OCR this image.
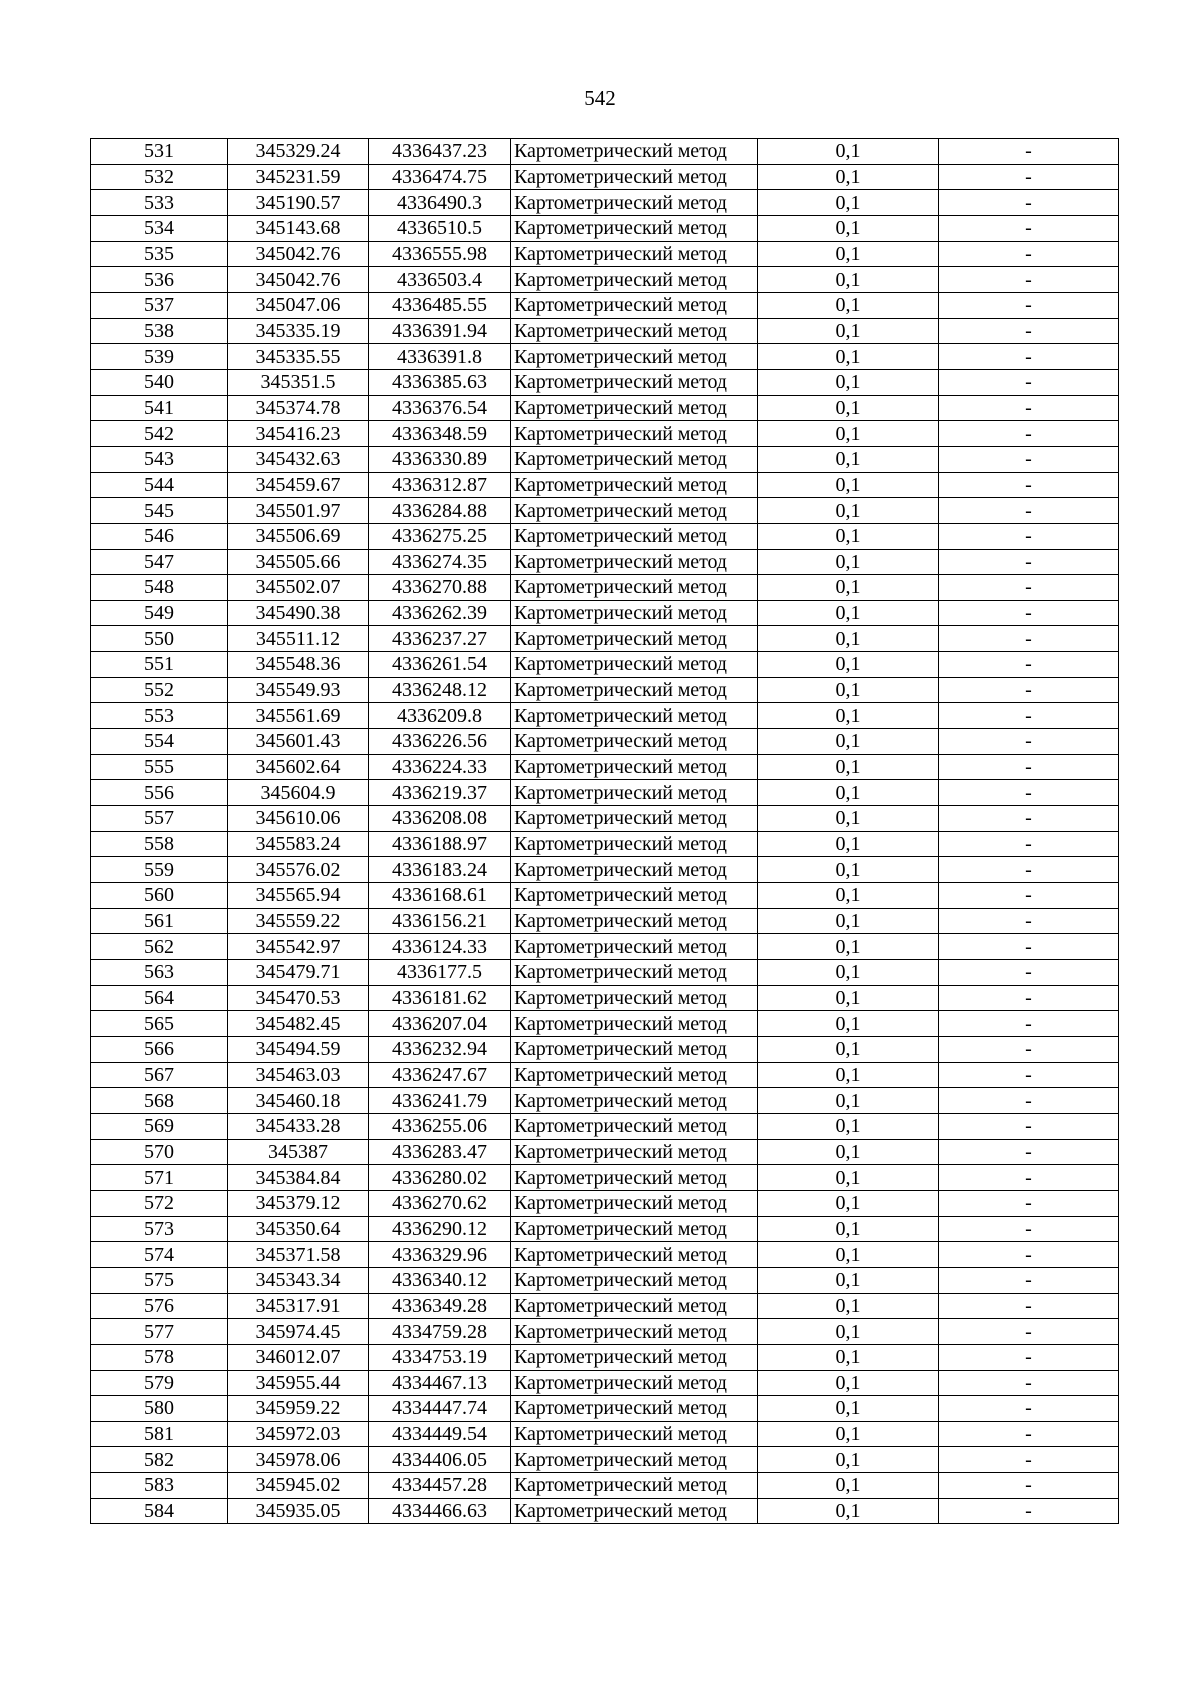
542
531	345329.24	4336437.23	Картометрический метод	0,1	-
532	345231.59	4336474.75	Картометрический метод	0,1	-
533	345190.57	4336490.3	Картометрический метод	0,1	-
534	345143.68	4336510.5	Картометрический метод	0,1	-
535	345042.76	4336555.98	Картометрический метод	0,1	-
536	345042.76	4336503.4	Картометрический метод	0,1	-
537	345047.06	4336485.55	Картометрический метод	0,1	-
538	345335.19	4336391.94	Картометрический метод	0,1	-
539	345335.55	4336391.8	Картометрический метод	0,1	-
540	345351.5	4336385.63	Картометрический метод	0,1	-
541	345374.78	4336376.54	Картометрический метод	0,1	-
542	345416.23	4336348.59	Картометрический метод	0,1	-
543	345432.63	4336330.89	Картометрический метод	0,1	-
544	345459.67	4336312.87	Картометрический метод	0,1	-
545	345501.97	4336284.88	Картометрический метод	0,1	-
546	345506.69	4336275.25	Картометрический метод	0,1	-
547	345505.66	4336274.35	Картометрический метод	0,1	-
548	345502.07	4336270.88	Картометрический метод	0,1	-
549	345490.38	4336262.39	Картометрический метод	0,1	-
550	345511.12	4336237.27	Картометрический метод	0,1	-
551	345548.36	4336261.54	Картометрический метод	0,1	-
552	345549.93	4336248.12	Картометрический метод	0,1	-
553	345561.69	4336209.8	Картометрический метод	0,1	-
554	345601.43	4336226.56	Картометрический метод	0,1	-
555	345602.64	4336224.33	Картометрический метод	0,1	-
556	345604.9	4336219.37	Картометрический метод	0,1	-
557	345610.06	4336208.08	Картометрический метод	0,1	-
558	345583.24	4336188.97	Картометрический метод	0,1	-
559	345576.02	4336183.24	Картометрический метод	0,1	-
560	345565.94	4336168.61	Картометрический метод	0,1	-
561	345559.22	4336156.21	Картометрический метод	0,1	-
562	345542.97	4336124.33	Картометрический метод	0,1	-
563	345479.71	4336177.5	Картометрический метод	0,1	-
564	345470.53	4336181.62	Картометрический метод	0,1	-
565	345482.45	4336207.04	Картометрический метод	0,1	-
566	345494.59	4336232.94	Картометрический метод	0,1	-
567	345463.03	4336247.67	Картометрический метод	0,1	-
568	345460.18	4336241.79	Картометрический метод	0,1	-
569	345433.28	4336255.06	Картометрический метод	0,1	-
570	345387	4336283.47	Картометрический метод	0,1	-
571	345384.84	4336280.02	Картометрический метод	0,1	-
572	345379.12	4336270.62	Картометрический метод	0,1	-
573	345350.64	4336290.12	Картометрический метод	0,1	-
574	345371.58	4336329.96	Картометрический метод	0,1	-
575	345343.34	4336340.12	Картометрический метод	0,1	-
576	345317.91	4336349.28	Картометрический метод	0,1	-
577	345974.45	4334759.28	Картометрический метод	0,1	-
578	346012.07	4334753.19	Картометрический метод	0,1	-
579	345955.44	4334467.13	Картометрический метод	0,1	-
580	345959.22	4334447.74	Картометрический метод	0,1	-
581	345972.03	4334449.54	Картометрический метод	0,1	-
582	345978.06	4334406.05	Картометрический метод	0,1	-
583	345945.02	4334457.28	Картометрический метод	0,1	-
584	345935.05	4334466.63	Картометрический метод	0,1	-
